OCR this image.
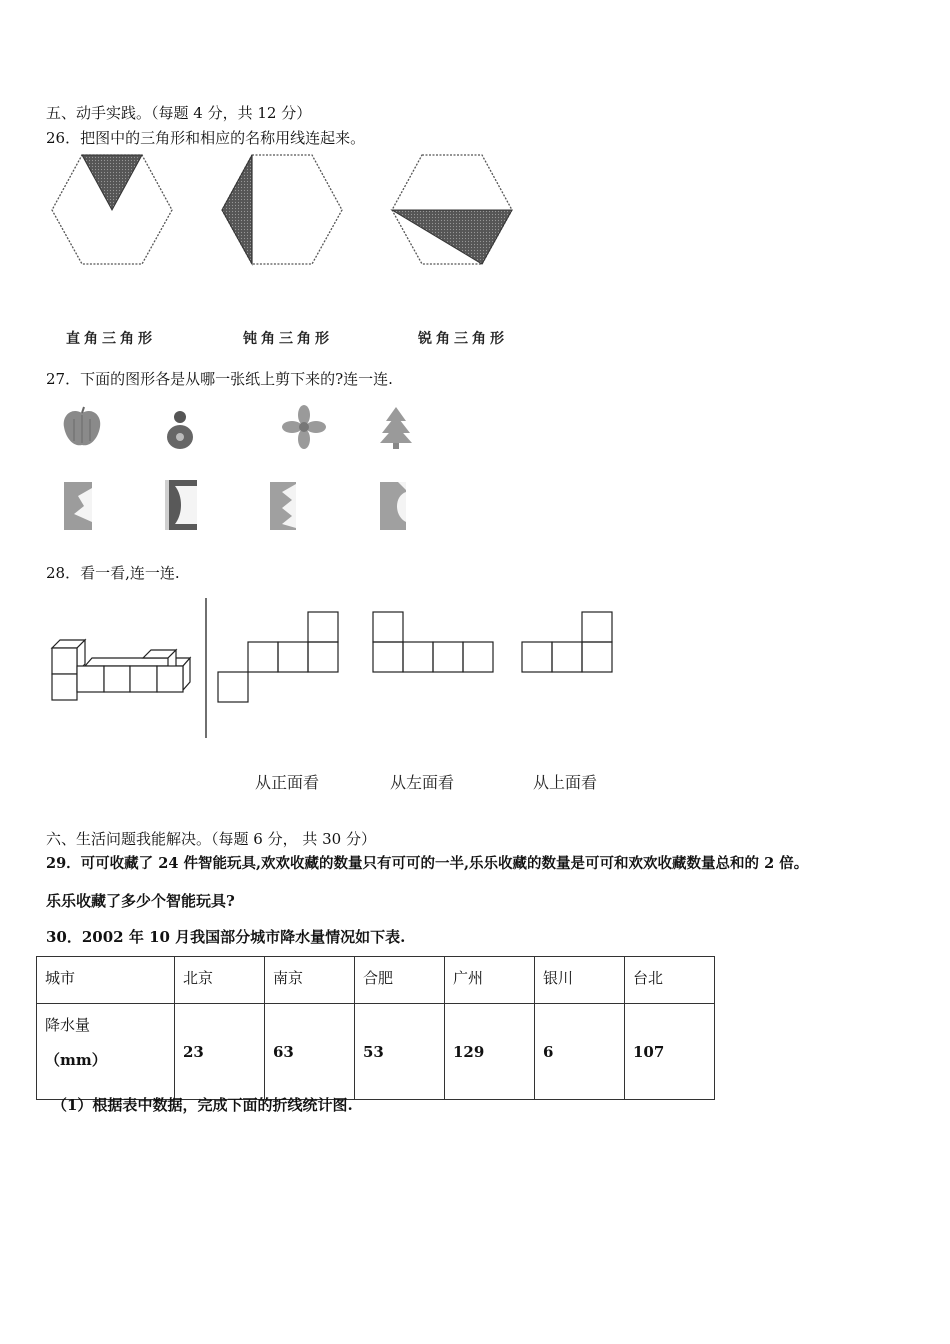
五、动手实践。（每题 4 分，共 12 分）
26．把图中的三角形和相应的名称用线连起来。
直角三角形	钝角三角形	锐角三角形
27．下面的图形各是从哪一张纸上剪下来的?连一连.
28．看一看,连一连.
从正面看	从左面看	从上面看
六、生活问题我能解决。（每题 6 分， 共 30 分）
29．可可收藏了 24 件智能玩具,欢欢收藏的数量只有可可的一半,乐乐收藏的数量是可可和欢欢收藏数量总和的 2 倍。
乐乐收藏了多少个智能玩具?
30．2002 年 10 月我国部分城市降水量情况如下表.
城市	北京	南京	合肥	广州	银川	台北

降水量
（mm）	23	63	53	129	6	107
（1）根据表中数据，完成下面的折线统计图.
